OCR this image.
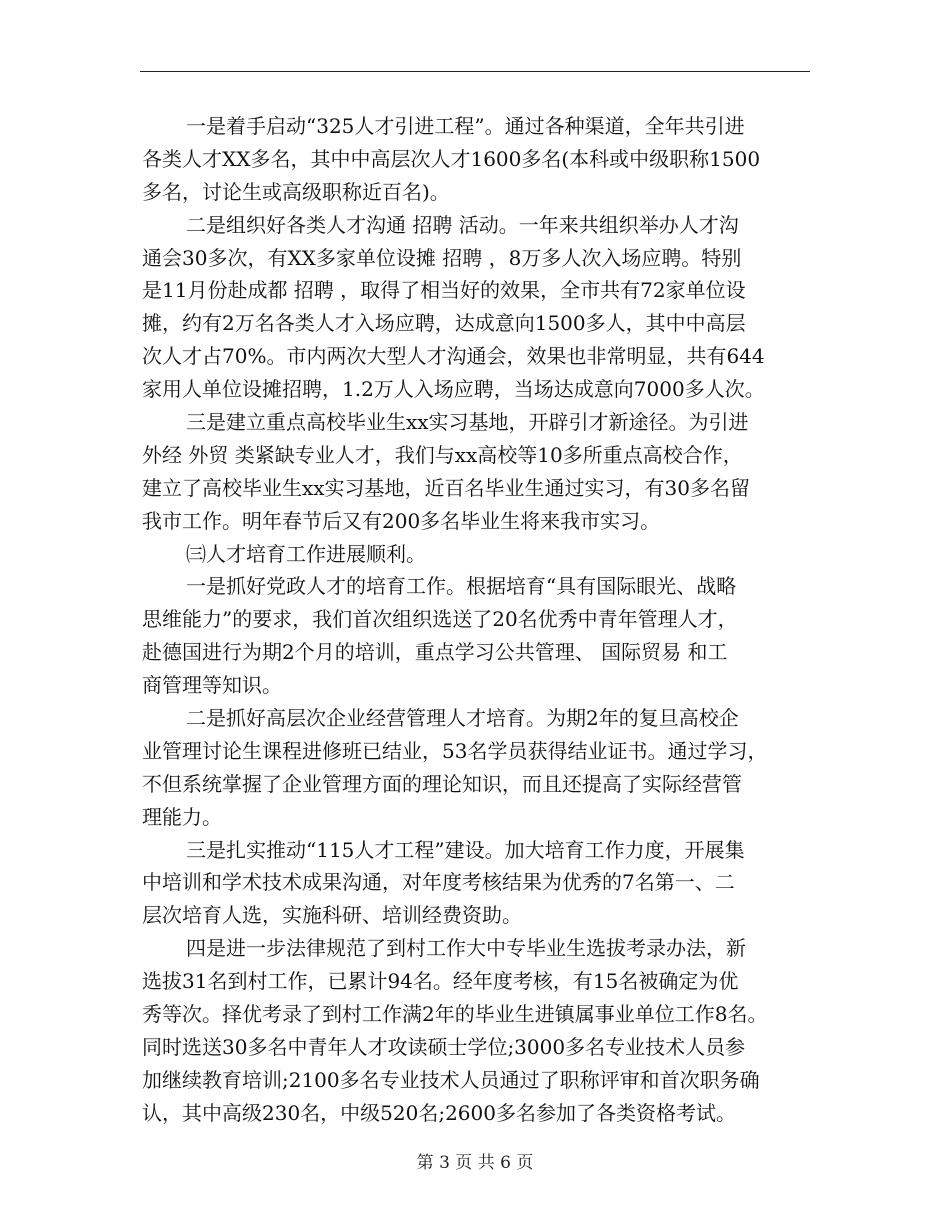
一是着手启动“325人才引进工程”。通过各种渠道，全年共引进
各类人才XX多名，其中中高层次人才1600多名(本科或中级职称1500
多名，讨论生或高级职称近百名)。
二是组织好各类人才沟通 招聘 活动。一年来共组织举办人才沟
通会30多次，有XX多家单位设摊 招聘 ，8万多人次入场应聘。特别
是11月份赴成都 招聘 ，取得了相当好的效果，全市共有72家单位设
摊，约有2万名各类人才入场应聘，达成意向1500多人，其中中高层
次人才占70%。市内两次大型人才沟通会，效果也非常明显，共有644
家用人单位设摊招聘，1.2万人入场应聘，当场达成意向7000多人次。
三是建立重点高校毕业生xx实习基地，开辟引才新途径。为引进
外经 外贸 类紧缺专业人才，我们与xx高校等10多所重点高校合作，
建立了高校毕业生xx实习基地，近百名毕业生通过实习，有30多名留
我市工作。明年春节后又有200多名毕业生将来我市实习。
㈢人才培育工作进展顺利。
一是抓好党政人才的培育工作。根据培育“具有国际眼光、战略
思维能力”的要求，我们首次组织选送了20名优秀中青年管理人才，
赴德国进行为期2个月的培训，重点学习公共管理、 国际贸易 和工
商管理等知识。
二是抓好高层次企业经营管理人才培育。为期2年的复旦高校企
业管理讨论生课程进修班已结业，53名学员获得结业证书。通过学习，
不但系统掌握了企业管理方面的理论知识，而且还提高了实际经营管
理能力。
三是扎实推动“115人才工程”建设。加大培育工作力度，开展集
中培训和学术技术成果沟通，对年度考核结果为优秀的7名第一、二
层次培育人选，实施科研、培训经费资助。
四是进一步法律规范了到村工作大中专毕业生选拔考录办法，新
选拔31名到村工作，已累计94名。经年度考核，有15名被确定为优
秀等次。择优考录了到村工作满2年的毕业生进镇属事业单位工作8名。
同时选送30多名中青年人才攻读硕士学位;3000多名专业技术人员参
加继续教育培训;2100多名专业技术人员通过了职称评审和首次职务确
认，其中高级230名，中级520名;2600多名参加了各类资格考试。
第 3 页 共 6 页
